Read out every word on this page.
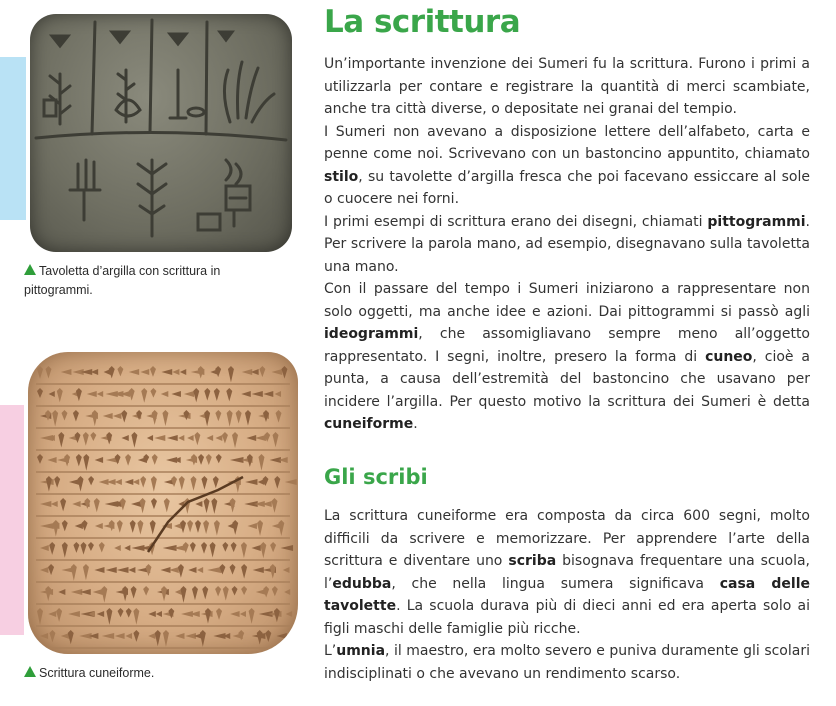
Tavoletta d’argilla con scrittura in pittogrammi.
Scrittura cuneiforme.
La scrittura

Un’importante invenzione dei Sumeri fu la scrittura. Furono i primi a utilizzarla per contare e registrare la quantità di merci scambiate, anche tra città diverse, o depositate nei granai del tempio.

I Sumeri non avevano a disposizione lettere dell’alfabeto, carta e penne come noi. Scrivevano con un bastoncino appuntito, chiamato stilo, su tavolette d’argilla fresca che poi facevano essiccare al sole o cuocere nei forni.

I primi esempi di scrittura erano dei disegni, chiamati pittogrammi. Per scrivere la parola mano, ad esempio, disegnavano sulla tavoletta una mano.

Con il passare del tempo i Sumeri iniziarono a rappresentare non solo oggetti, ma anche idee e azioni. Dai pittogrammi si passò agli ideogrammi, che assomigliavano sempre meno all’oggetto rappresentato. I segni, inoltre, presero la forma di cuneo, cioè a punta, a causa dell’estremità del bastoncino che usavano per incidere l’argilla. Per questo motivo la scrittura dei Sumeri è detta cuneiforme.

Gli scribi

La scrittura cuneiforme era composta da circa 600 segni, molto difficili da scrivere e memorizzare. Per apprendere l’arte della scrittura e diventare uno scriba bisognava frequentare una scuola, l’edubba, che nella lingua sumera significava casa delle tavolette. La scuola durava più di dieci anni ed era aperta solo ai figli maschi delle famiglie più ricche.

L’umnia, il maestro, era molto severo e puniva duramente gli scolari indisciplinati o che avevano un rendimento scarso.
